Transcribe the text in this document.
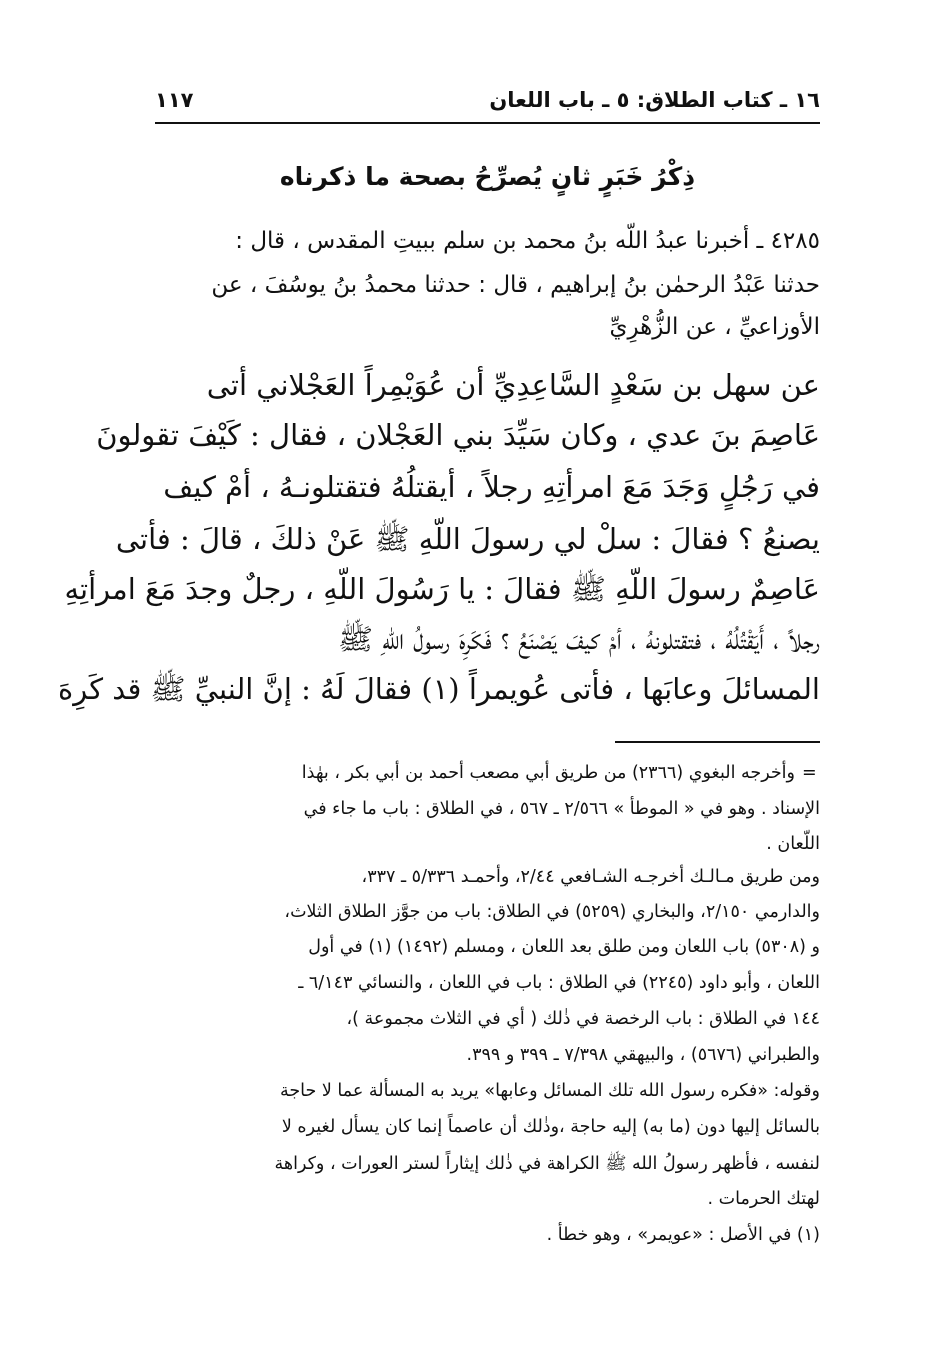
١٦ ـ كتاب الطلاق: ٥ ـ باب اللعان
١١٧
ذِكْرُ خَبَرٍ ثانٍ يُصرِّحُ بصحة ما ذكرناه
٤٢٨٥ ـ أخبرنا عبدُ اللّه بنُ محمد بن سلم ببيتِ المقدس ، قال :
حدثنا عَبْدُ الرحمٰن بنُ إبراهيم ، قال : حدثنا محمدُ بنُ يوسُفَ ، عن
الأوزاعيِّ ، عن الزُّهْرِيِّ
عن سهل بن سَعْدٍ السَّاعِدِيِّ أن عُوَيْمِراً العَجْلاني أتى
عَاصِمَ بنَ عدي ، وكان سَيِّدَ بني العَجْلان ، فقال : كَيْفَ تقولونَ
في رَجُلٍ وَجَدَ مَعَ امرأتِهِ رجلاً ، أيقتلُهُ فتقتلونـهُ ، أمْ كيف
يصنعُ ؟ فقالَ : سلْ لي رسولَ اللّهِ ﷺ عَنْ ذلكَ ، قالَ : فأتى
عَاصِمٌ رسولَ اللّهِ ﷺ فقالَ : يا رَسُولَ اللّهِ ، رجلٌ وجدَ مَعَ امرأتِهِ
رجلاً ، أَيَقْتُلُهُ ، فتقتلونهُ ، أمْ كيفَ يَصْنَعُ ؟ فَكَرِهَ رسولُ اللّهِ ﷺ
المسائلَ وعابَها ، فأتى عُويمراً (١) فقالَ لَهُ : إنَّ النبيِّ ﷺ قد كَرِهَ
=
وأخرجه البغوي (٢٣٦٦) من طريق أبي مصعب أحمد بن أبي بكر ، بهٰذا
الإسناد . وهو في « الموطأ » ٢/٥٦٦ ـ ٥٦٧ ، في الطلاق : باب ما جاء في
اللّعان .
ومن طريق مـالـك أخرجـه الشـافعي ٢/٤٤، وأحمـد ٥/٣٣٦ ـ ٣٣٧،
والدارمي ٢/١٥٠، والبخاري (٥٢٥٩) في الطلاق: باب من جوَّز الطلاق الثلاث،
و (٥٣٠٨) باب اللعان ومن طلق بعد اللعان ، ومسلم (١٤٩٢) (١) في أول
اللعان ، وأبو داود (٢٢٤٥) في الطلاق : باب في اللعان ، والنسائي ٦/١٤٣ ـ
١٤٤ في الطلاق : باب الرخصة في ذٰلك ( أي في الثلاث مجموعة )،
والطبراني (٥٦٧٦) ، والبيهقي ٧/٣٩٨ ـ ٣٩٩ و ٣٩٩.
وقوله: «فكره رسول الله تلك المسائل وعابها» يريد به المسألة عما لا حاجة
بالسائل إليها دون (ما به) إليه حاجة ،وذٰلك أن عاصماً إنما كان يسأل لغيره لا
لنفسه ، فأظهر رسولُ الله ﷺ الكراهة في ذٰلك إيثاراً لستر العورات ، وكراهة
لهتك الحرمات .
(١) في الأصل : «عويمر» ، وهو خطأ .
